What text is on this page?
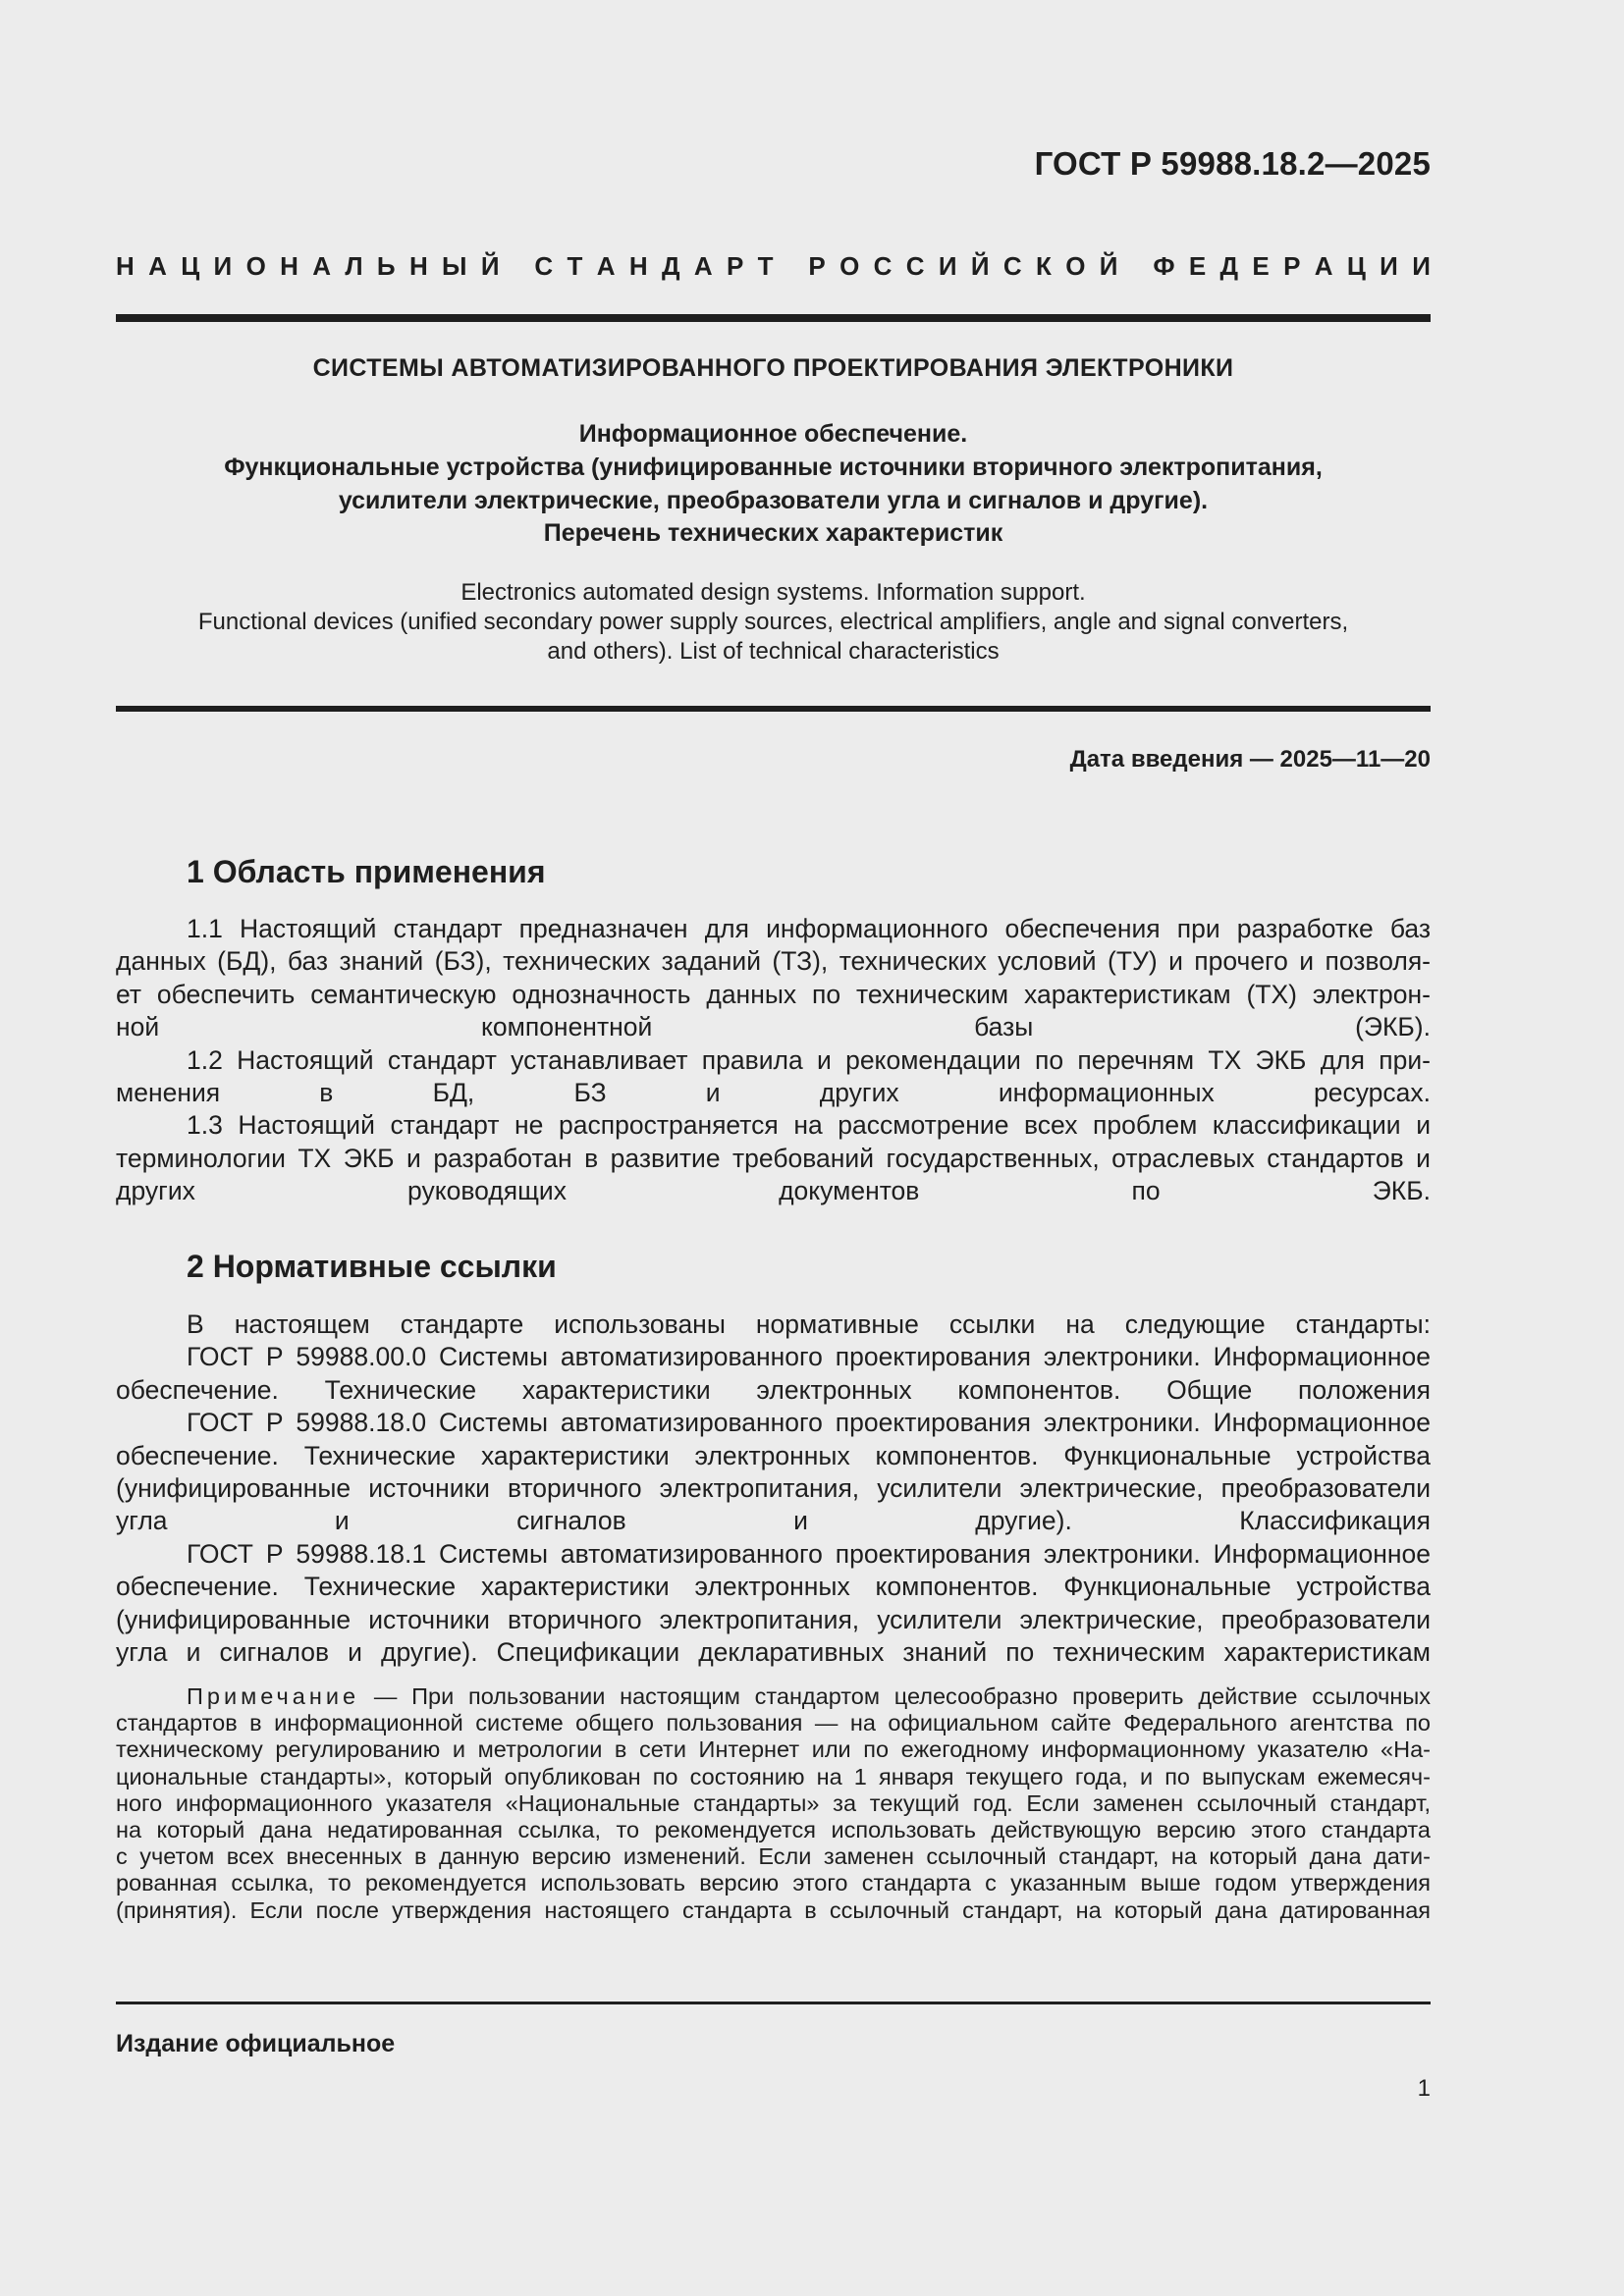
ГОСТ Р 59988.18.2—2025
Н А Ц И О Н А Л Ь Н Ы Й
С Т А Н Д А Р Т
Р О С С И Й С К О Й
Ф Е Д Е Р А Ц И И
СИСТЕМЫ АВТОМАТИЗИРОВАННОГО ПРОЕКТИРОВАНИЯ ЭЛЕКТРОНИКИ
Информационное обеспечение.
Функциональные устройства (унифицированные источники вторичного электропитания,
усилители электрические, преобразователи угла и сигналов и другие).
Перечень технических характеристик
Electronics automated design systems. Information support.
Functional devices (unified secondary power supply sources, electrical amplifiers, angle and signal converters,
and others). List of technical characteristics
Дата введения — 2025—11—20
1 Область применения
1.1 Настоящий стандарт предназначен для информационного обеспечения при разработке баз
данных (БД), баз знаний (БЗ), технических заданий (ТЗ), технических условий (ТУ) и прочего и позволя-
ет обеспечить семантическую однозначность данных по техническим характеристикам (ТХ) электрон-
ной компонентной базы (ЭКБ).
1.2 Настоящий стандарт устанавливает правила и рекомендации по перечням ТХ ЭКБ для при-
менения в БД, БЗ и других информационных ресурсах.
1.3 Настоящий стандарт не распространяется на рассмотрение всех проблем классификации и
терминологии ТХ ЭКБ и разработан в развитие требований государственных, отраслевых стандартов и
других руководящих документов по ЭКБ.
2 Нормативные ссылки
В настоящем стандарте использованы нормативные ссылки на следующие стандарты:
ГОСТ Р 59988.00.0 Системы автоматизированного проектирования электроники. Информационное
обеспечение. Технические характеристики электронных компонентов. Общие положения
ГОСТ Р 59988.18.0 Системы автоматизированного проектирования электроники. Информационное
обеспечение. Технические характеристики электронных компонентов. Функциональные устройства
(унифицированные источники вторичного электропитания, усилители электрические, преобразователи
угла и сигналов и другие). Классификация
ГОСТ Р 59988.18.1 Системы автоматизированного проектирования электроники. Информационное
обеспечение. Технические характеристики электронных компонентов. Функциональные устройства
(унифицированные источники вторичного электропитания, усилители электрические, преобразователи
угла и сигналов и другие). Спецификации декларативных знаний по техническим характеристикам
Примечание — При пользовании настоящим стандартом целесообразно проверить действие ссылочных
стандартов в информационной системе общего пользования — на официальном сайте Федерального агентства по
техническому регулированию и метрологии в сети Интернет или по ежегодному информационному указателю «На-
циональные стандарты», который опубликован по состоянию на 1 января текущего года, и по выпускам ежемесяч-
ного информационного указателя «Национальные стандарты» за текущий год. Если заменен ссылочный стандарт,
на который дана недатированная ссылка, то рекомендуется использовать действующую версию этого стандарта
с учетом всех внесенных в данную версию изменений. Если заменен ссылочный стандарт, на который дана дати-
рованная ссылка, то рекомендуется использовать версию этого стандарта с указанным выше годом утверждения
(принятия). Если после утверждения настоящего стандарта в ссылочный стандарт, на который дана датированная
Издание официальное
1
